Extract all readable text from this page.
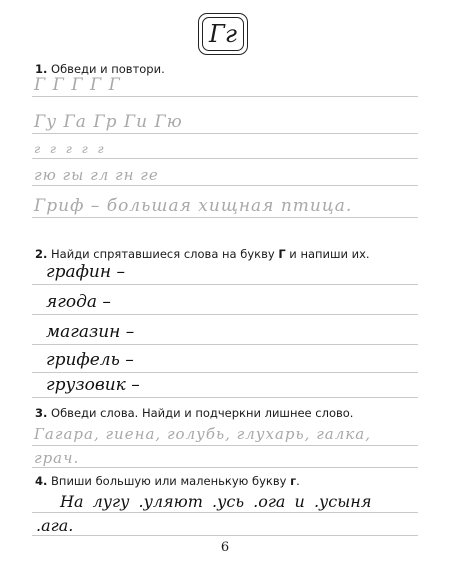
Гг
1. Обведи и повтори.
Г Г Г Г Г
Гу Га Гр Ги Гю
г г г г г
гю гы гл гн ге
Гриф – большая хищная птица.
2. Найди спрятавшиеся слова на букву Г и напиши их.
графин –
ягода –
магазин –
грифель –
грузовик –
3. Обведи слова. Найди и подчеркни лишнее слово.
Гагара, гиена, голубь, глухарь, галка,
грач.
4. Впиши большую или маленькую букву г.
На лугу .уляют .усь .ога и .усыня
.ага.
6
